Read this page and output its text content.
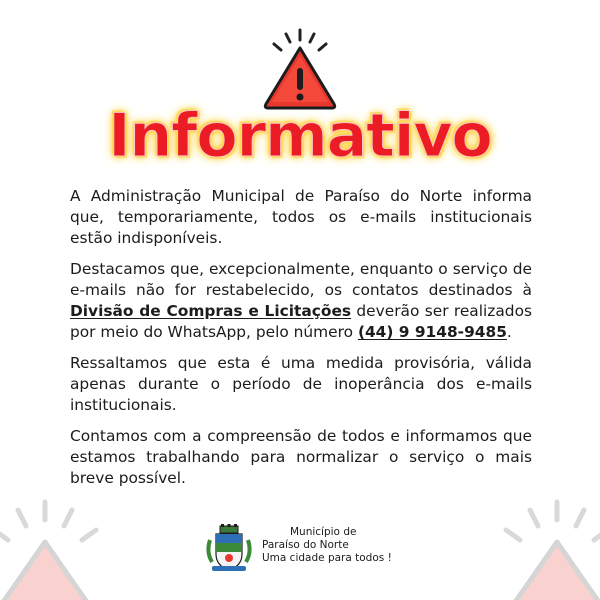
Informativo

A Administração Municipal de Paraíso do Norte informa que, temporariamente, todos os e-mails institucionais estão indisponíveis.

Destacamos que, excepcionalmente, enquanto o serviço de e-mails não for restabelecido, os contatos destinados à Divisão de Compras e Licitações deverão ser realizados por meio do WhatsApp, pelo número (44) 9 9148-9485.

Ressaltamos que esta é uma medida provisória, válida apenas durante o período de inoperância dos e-mails institucionais.

Contamos com a compreensão de todos e informamos que estamos trabalhando para normalizar o serviço o mais breve possível.

Município de
Paraíso do Norte
Uma cidade para todos !
